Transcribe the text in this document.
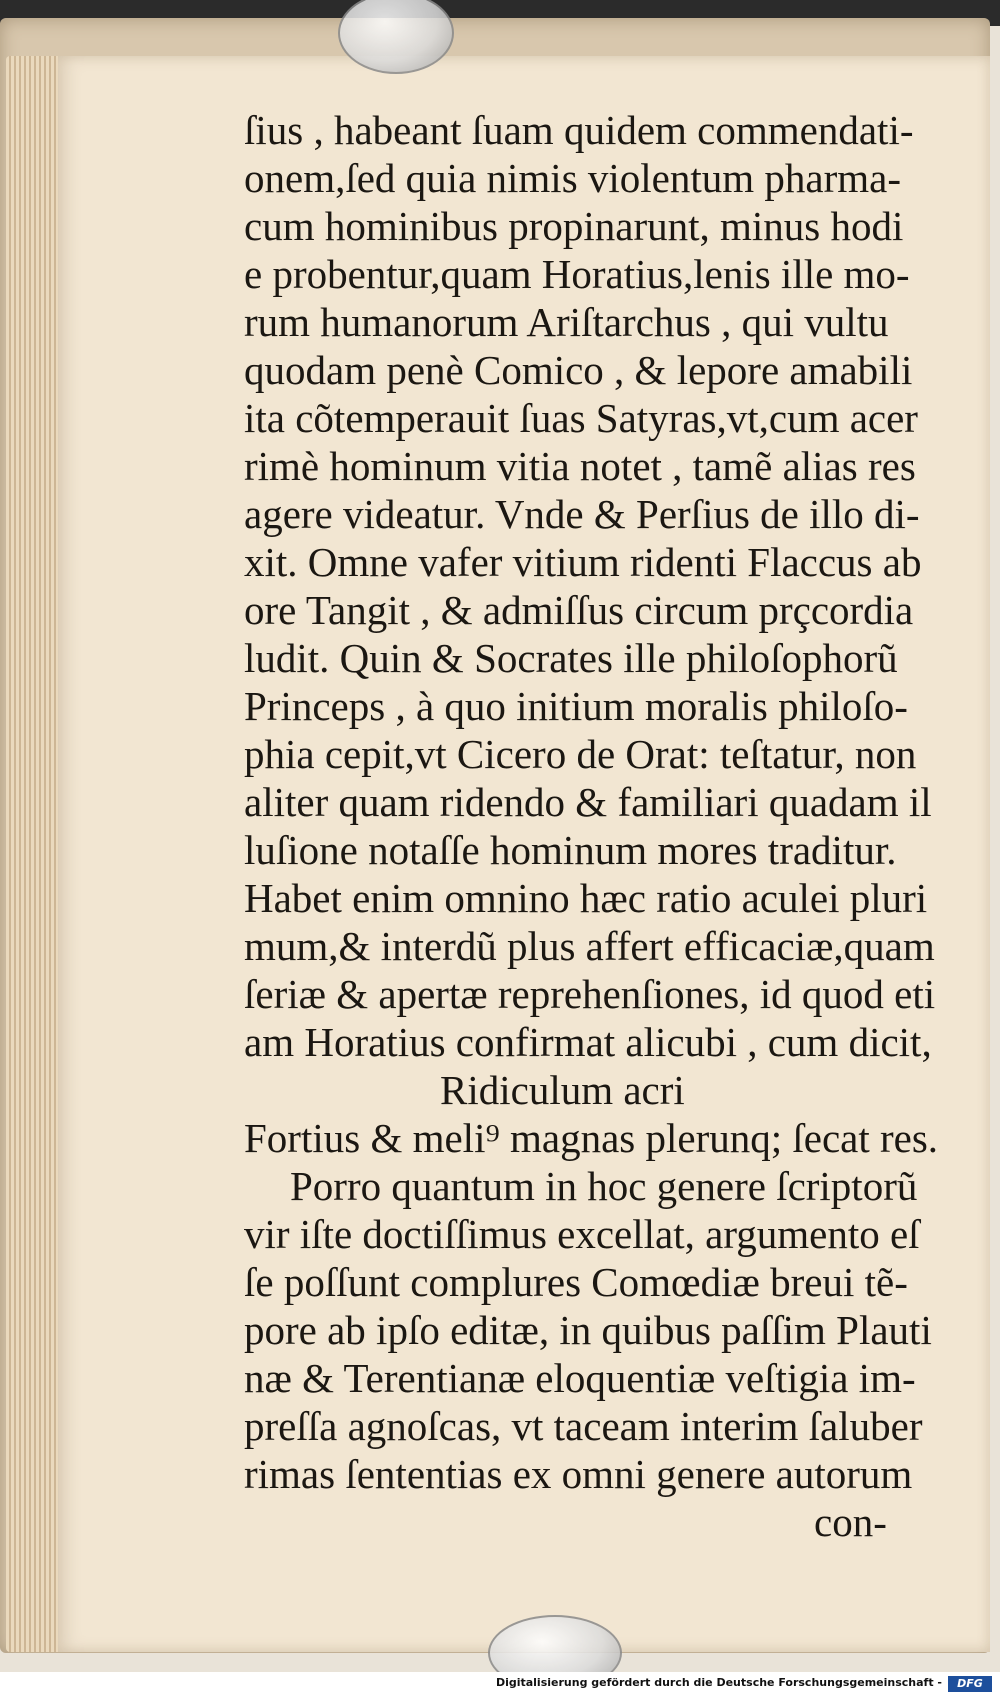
ſius , habeant ſuam quidem commendati-
onem,ſed quia nimis violentum pharma-
cum hominibus propinarunt, minus hodi
e probentur,quam Horatius,lenis ille mo-
rum humanorum Ariſtarchus , qui vultu
quodam penè Comico , & lepore amabili
ita cõtemperauit ſuas Satyras,vt,cum acer
rimè hominum vitia notet , tamẽ alias res
agere videatur. Vnde & Perſius de illo di-
xit. Omne vafer vitium ridenti Flaccus ab
ore Tangit , & admiſſus circum prçcordia
ludit. Quin & Socrates ille philoſophorũ
Princeps , à quo initium moralis philoſo-
phia cepit,vt Cicero de Orat: teſtatur, non
aliter quam ridendo & familiari quadam il
luſione notaſſe hominum mores traditur.
Habet enim omnino hæc ratio aculei pluri
mum,& interdũ plus affert efficaciæ,quam
ſeriæ & apertæ reprehenſiones, id quod eti
am Horatius confirmat alicubi , cum dicit,
Ridiculum acri
Fortius & meli⁹ magnas plerunq; ſecat res.
Porro quantum in hoc genere ſcriptorũ
vir iſte doctiſſimus excellat, argumento eſ
ſe poſſunt complures Comœdiæ breui tẽ-
pore ab ipſo editæ, in quibus paſſim Plauti
næ & Terentianæ eloquentiæ veſtigia im-
preſſa agnoſcas, vt taceam interim ſaluber
rimas ſententias ex omni genere autorum
con-
Digitalisierung gefördert durch die Deutsche Forschungsgemeinschaft -	DFG
